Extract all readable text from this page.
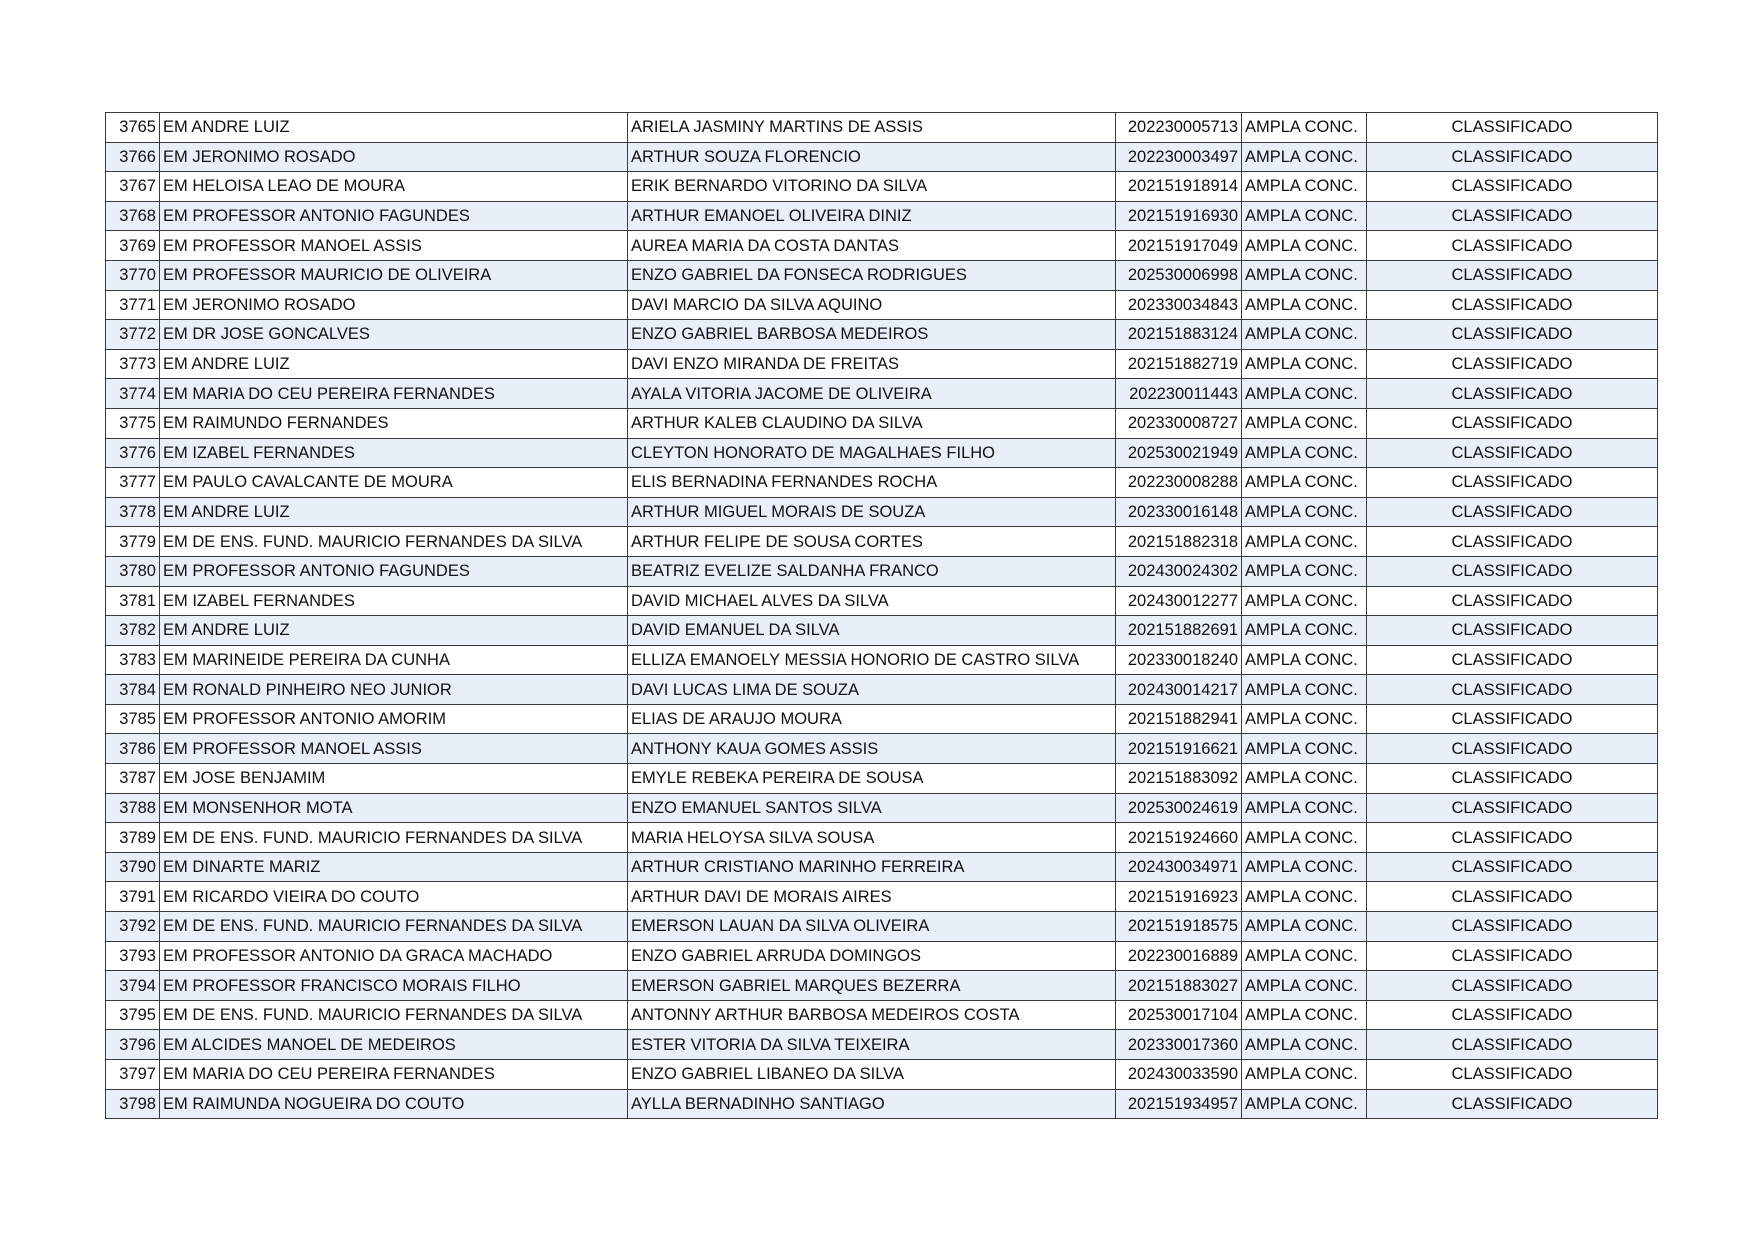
3765	EM ANDRE LUIZ	ARIELA JASMINY MARTINS DE ASSIS	202230005713	AMPLA CONC.	CLASSIFICADO
3766	EM JERONIMO ROSADO	ARTHUR SOUZA FLORENCIO	202230003497	AMPLA CONC.	CLASSIFICADO
3767	EM HELOISA LEAO DE MOURA	ERIK BERNARDO VITORINO DA SILVA	202151918914	AMPLA CONC.	CLASSIFICADO
3768	EM PROFESSOR ANTONIO FAGUNDES	ARTHUR EMANOEL OLIVEIRA DINIZ	202151916930	AMPLA CONC.	CLASSIFICADO
3769	EM PROFESSOR MANOEL ASSIS	AUREA MARIA DA COSTA DANTAS	202151917049	AMPLA CONC.	CLASSIFICADO
3770	EM PROFESSOR MAURICIO DE OLIVEIRA	ENZO GABRIEL DA FONSECA RODRIGUES	202530006998	AMPLA CONC.	CLASSIFICADO
3771	EM JERONIMO ROSADO	DAVI MARCIO DA SILVA AQUINO	202330034843	AMPLA CONC.	CLASSIFICADO
3772	EM DR JOSE GONCALVES	ENZO GABRIEL BARBOSA MEDEIROS	202151883124	AMPLA CONC.	CLASSIFICADO
3773	EM ANDRE LUIZ	DAVI ENZO MIRANDA DE FREITAS	202151882719	AMPLA CONC.	CLASSIFICADO
3774	EM MARIA DO CEU PEREIRA FERNANDES	AYALA VITORIA JACOME DE OLIVEIRA	202230011443	AMPLA CONC.	CLASSIFICADO
3775	EM RAIMUNDO FERNANDES	ARTHUR KALEB CLAUDINO DA SILVA	202330008727	AMPLA CONC.	CLASSIFICADO
3776	EM IZABEL FERNANDES	CLEYTON HONORATO DE MAGALHAES FILHO	202530021949	AMPLA CONC.	CLASSIFICADO
3777	EM PAULO CAVALCANTE DE MOURA	ELIS BERNADINA FERNANDES ROCHA	202230008288	AMPLA CONC.	CLASSIFICADO
3778	EM ANDRE LUIZ	ARTHUR MIGUEL MORAIS DE SOUZA	202330016148	AMPLA CONC.	CLASSIFICADO
3779	EM DE ENS. FUND. MAURICIO FERNANDES DA SILVA	ARTHUR FELIPE DE SOUSA CORTES	202151882318	AMPLA CONC.	CLASSIFICADO
3780	EM PROFESSOR ANTONIO FAGUNDES	BEATRIZ EVELIZE SALDANHA FRANCO	202430024302	AMPLA CONC.	CLASSIFICADO
3781	EM IZABEL FERNANDES	DAVID MICHAEL ALVES DA SILVA	202430012277	AMPLA CONC.	CLASSIFICADO
3782	EM ANDRE LUIZ	DAVID EMANUEL DA SILVA	202151882691	AMPLA CONC.	CLASSIFICADO
3783	EM MARINEIDE PEREIRA DA CUNHA	ELLIZA EMANOELY MESSIA HONORIO DE CASTRO SILVA	202330018240	AMPLA CONC.	CLASSIFICADO
3784	EM RONALD PINHEIRO NEO JUNIOR	DAVI LUCAS LIMA DE SOUZA	202430014217	AMPLA CONC.	CLASSIFICADO
3785	EM PROFESSOR ANTONIO AMORIM	ELIAS DE ARAUJO MOURA	202151882941	AMPLA CONC.	CLASSIFICADO
3786	EM PROFESSOR MANOEL ASSIS	ANTHONY KAUA GOMES ASSIS	202151916621	AMPLA CONC.	CLASSIFICADO
3787	EM JOSE BENJAMIM	EMYLE REBEKA PEREIRA DE SOUSA	202151883092	AMPLA CONC.	CLASSIFICADO
3788	EM MONSENHOR MOTA	ENZO EMANUEL SANTOS SILVA	202530024619	AMPLA CONC.	CLASSIFICADO
3789	EM DE ENS. FUND. MAURICIO FERNANDES DA SILVA	MARIA HELOYSA SILVA SOUSA	202151924660	AMPLA CONC.	CLASSIFICADO
3790	EM DINARTE MARIZ	ARTHUR CRISTIANO MARINHO FERREIRA	202430034971	AMPLA CONC.	CLASSIFICADO
3791	EM RICARDO VIEIRA DO COUTO	ARTHUR DAVI DE MORAIS AIRES	202151916923	AMPLA CONC.	CLASSIFICADO
3792	EM DE ENS. FUND. MAURICIO FERNANDES DA SILVA	EMERSON LAUAN DA SILVA OLIVEIRA	202151918575	AMPLA CONC.	CLASSIFICADO
3793	EM PROFESSOR ANTONIO DA GRACA MACHADO	ENZO GABRIEL ARRUDA DOMINGOS	202230016889	AMPLA CONC.	CLASSIFICADO
3794	EM PROFESSOR FRANCISCO MORAIS FILHO	EMERSON GABRIEL MARQUES BEZERRA	202151883027	AMPLA CONC.	CLASSIFICADO
3795	EM DE ENS. FUND. MAURICIO FERNANDES DA SILVA	ANTONNY ARTHUR BARBOSA MEDEIROS COSTA	202530017104	AMPLA CONC.	CLASSIFICADO
3796	EM ALCIDES MANOEL DE MEDEIROS	ESTER VITORIA DA SILVA TEIXEIRA	202330017360	AMPLA CONC.	CLASSIFICADO
3797	EM MARIA DO CEU PEREIRA FERNANDES	ENZO GABRIEL LIBANEO DA SILVA	202430033590	AMPLA CONC.	CLASSIFICADO
3798	EM RAIMUNDA NOGUEIRA DO COUTO	AYLLA BERNADINHO SANTIAGO	202151934957	AMPLA CONC.	CLASSIFICADO
